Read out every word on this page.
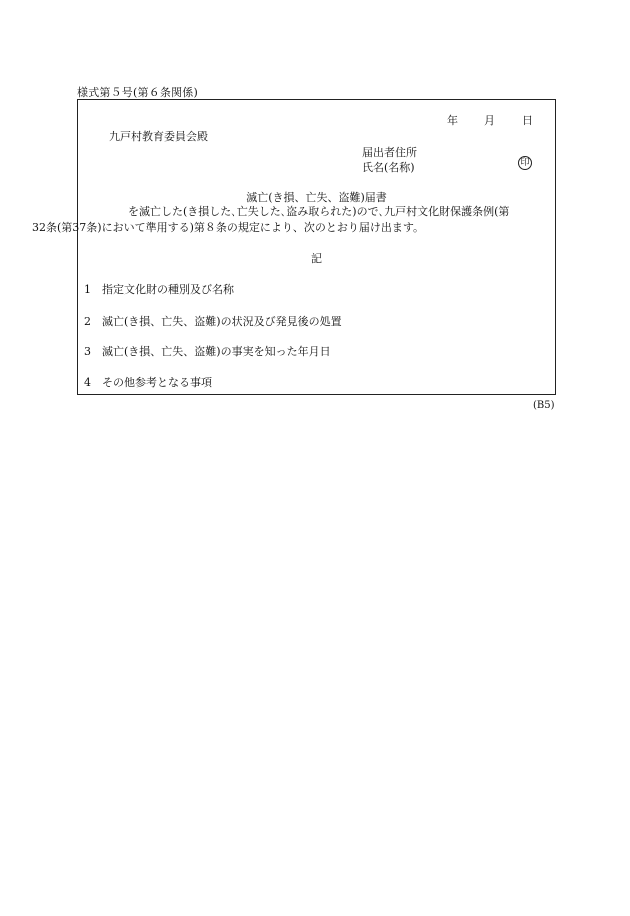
様式第５号(第６条関係)
年 月 日
九戸村教育委員会殿
届出者住所
氏名(名称)	印
滅亡(き損、亡失、盗難)届書
を滅亡した(き損した､亡失した､盗み取られた)ので､九戸村文化財保護条例(第
32条(第37条)において準用する)第８条の規定により、次のとおり届け出ます。
記
1 指定文化財の種別及び名称
2 滅亡(き損、亡失、盗難)の状況及び発見後の処置
3 滅亡(き損、亡失、盗難)の事実を知った年月日
4 その他参考となる事項
(B5)
